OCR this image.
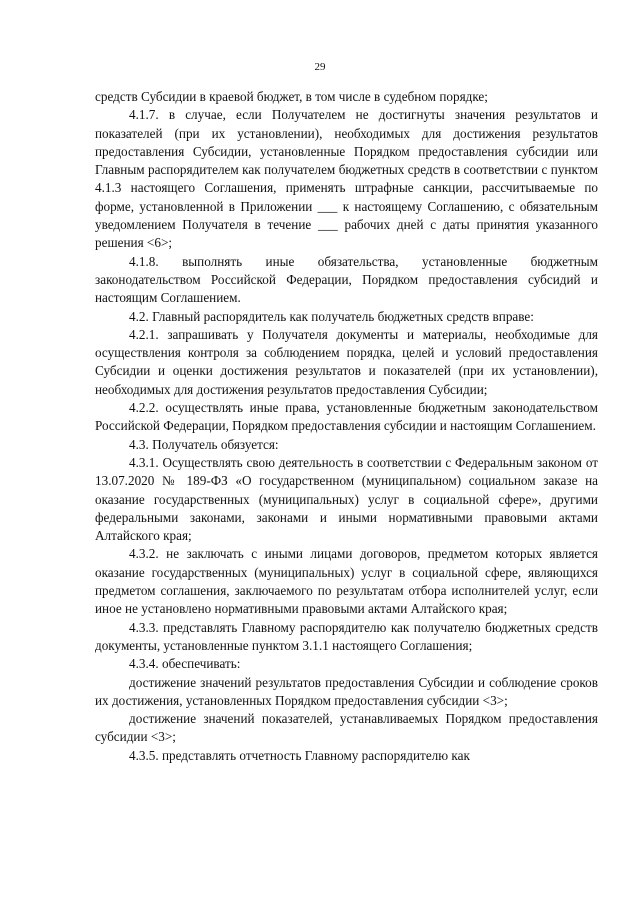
29

средств Субсидии в краевой бюджет, в том числе в судебном порядке;

4.1.7. в случае, если Получателем не достигнуты значения результатов и показателей (при их установлении), необходимых для достижения результатов предоставления Субсидии, установленные Порядком предоставления субсидии или Главным распорядителем как получателем бюджетных средств в соответствии с пунктом 4.1.3 настоящего Соглашения, применять штрафные санкции, рассчитываемые по форме, установленной в Приложении ___ к настоящему Соглашению, с обязательным уведомлением Получателя в течение ___ рабочих дней с даты принятия указанного решения <6>;

4.1.8. выполнять иные обязательства, установленные бюджетным законодательством Российской Федерации, Порядком предоставления субсидий и настоящим Соглашением.

4.2. Главный распорядитель как получатель бюджетных средств вправе:

4.2.1. запрашивать у Получателя документы и материалы, необходимые для осуществления контроля за соблюдением порядка, целей и условий предоставления Субсидии и оценки достижения результатов и показателей (при их установлении), необходимых для достижения результатов предоставления Субсидии;

4.2.2. осуществлять иные права, установленные бюджетным законодательством Российской Федерации, Порядком предоставления субсидии и настоящим Соглашением.

4.3. Получатель обязуется:

4.3.1. Осуществлять свою деятельность в соответствии с Федеральным законом от 13.07.2020 № 189-ФЗ «О государственном (муниципальном) социальном заказе на оказание государственных (муниципальных) услуг в социальной сфере», другими федеральными законами, законами и иными нормативными правовыми актами Алтайского края;

4.3.2. не заключать с иными лицами договоров, предметом которых является оказание государственных (муниципальных) услуг в социальной сфере, являющихся предметом соглашения, заключаемого по результатам отбора исполнителей услуг, если иное не установлено нормативными правовыми актами Алтайского края;

4.3.3. представлять Главному распорядителю как получателю бюджетных средств документы, установленные пунктом 3.1.1 настоящего Соглашения;

4.3.4. обеспечивать:

достижение значений результатов предоставления Субсидии и соблюдение сроков их достижения, установленных Порядком предоставления субсидии <3>;

достижение значений показателей, устанавливаемых Порядком предоставления субсидии <3>;

4.3.5. представлять отчетность Главному распорядителю как
